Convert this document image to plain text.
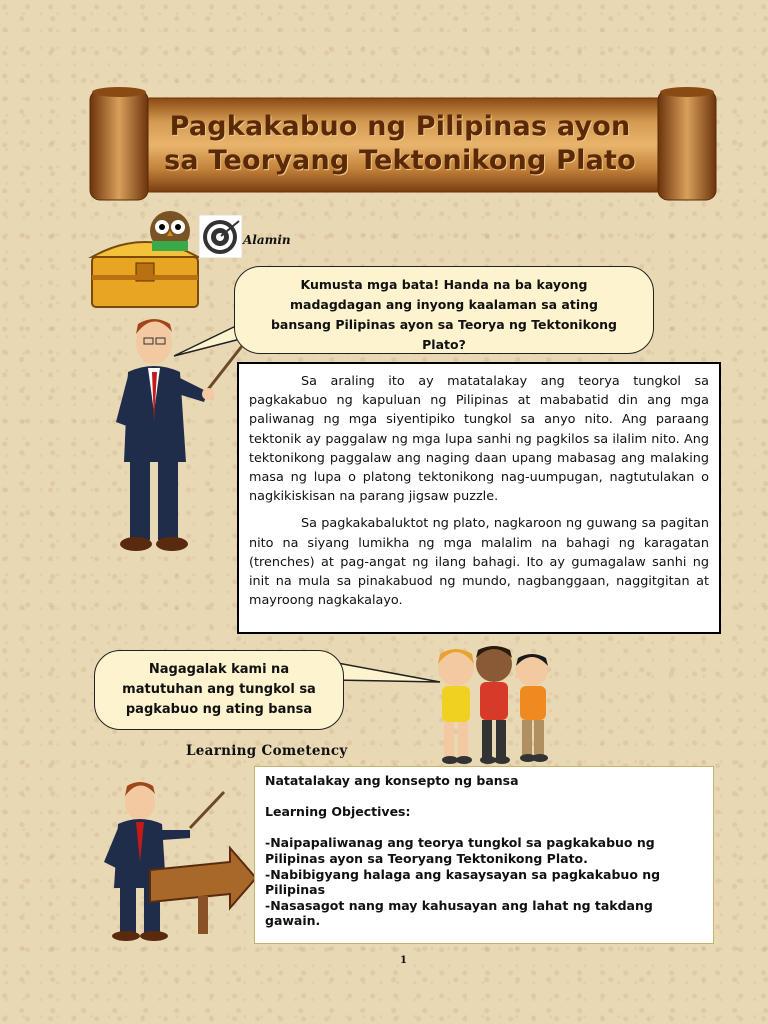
Pagkakabuo ng Pilipinas ayon
sa Teoryang Tektonikong Plato
Alamin
Kumusta mga bata! Handa na ba kayong madagdagan ang inyong kaalaman sa ating bansang Pilipinas ayon sa Teorya ng Tektonikong Plato?

Sa araling ito ay matatalakay ang teorya tungkol sa pagkakabuo ng kapuluan ng Pilipinas at mababatid din ang mga paliwanag ng mga siyentipiko tungkol sa anyo nito. Ang paraang tektonik ay paggalaw ng mga lupa sanhi ng pagkilos sa ilalim nito. Ang tektonikong paggalaw ang naging daan upang mabasag ang malaking masa ng lupa o platong tektonikong nag-uumpugan, nagtutulakan o nagkikiskisan na parang jigsaw puzzle.

Sa pagkakabaluktot ng plato, nagkaroon ng guwang sa pagitan nito na siyang lumikha ng mga malalim na bahagi ng karagatan (trenches) at pag-angat ng ilang bahagi. Ito ay gumagalaw sanhi ng init na mula sa pinakabuod ng mundo, nagbanggaan, naggitgitan at mayroong nagkakalayo.

Nagagalak kami na matutuhan ang tungkol sa pagkabuo ng ating bansa
Learning Cometency
Natatalakay ang konsepto ng bansa
Learning Objectives:
-Naipapaliwanag ang teorya tungkol sa pagkakabuo ng Pilipinas ayon sa Teoryang Tektonikong Plato.
-Nabibigyang halaga ang kasaysayan sa pagkakabuo ng Pilipinas
-Nasasagot nang may kahusayan ang lahat ng takdang gawain.
1
